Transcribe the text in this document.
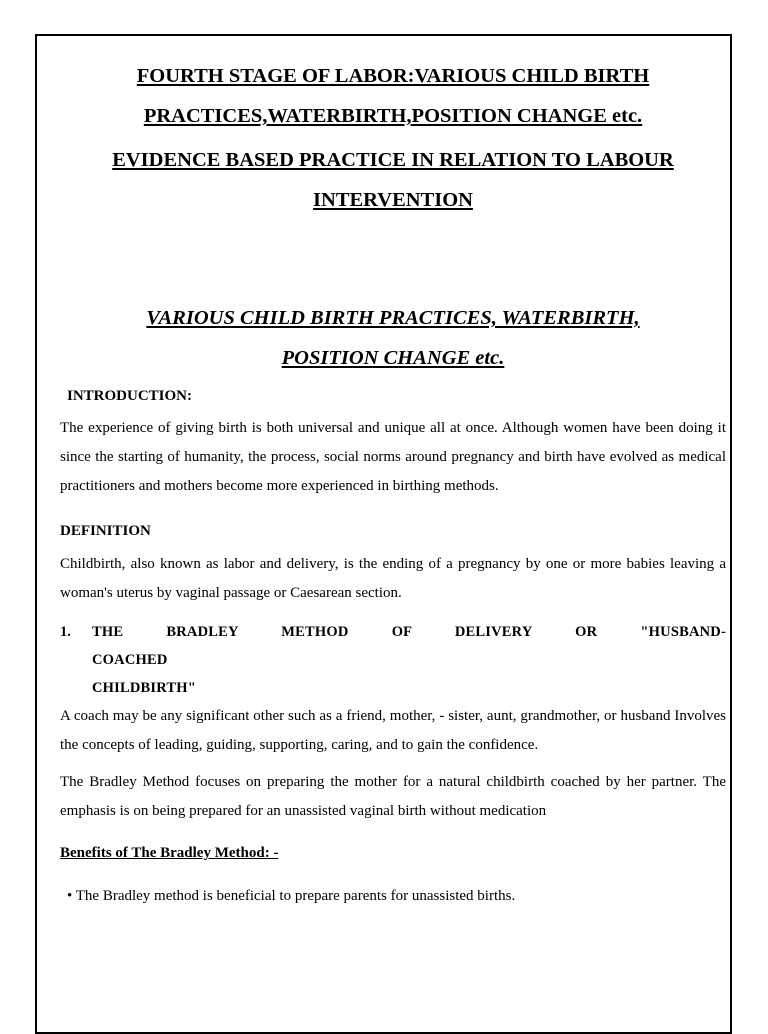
FOURTH STAGE OF LABOR:VARIOUS CHILD BIRTH
PRACTICES,WATERBIRTH,POSITION CHANGE etc.
EVIDENCE BASED PRACTICE IN RELATION TO LABOUR
INTERVENTION
VARIOUS CHILD BIRTH PRACTICES, WATERBIRTH,
POSITION CHANGE etc.

INTRODUCTION:

The experience of giving birth is both universal and unique all at once. Although women have been doing it since the starting of humanity, the process, social norms around pregnancy and birth have evolved as medical practitioners and mothers become more experienced in birthing methods.

DEFINITION

Childbirth, also known as labor and delivery, is the ending of a pregnancy by one or more babies leaving a woman's uterus by vaginal passage or Caesarean section.

1.	THE BRADLEY METHOD OF DELIVERY OR "HUSBAND-COACHED
CHILDBIRTH"

A coach may be any significant other such as a friend, mother, - sister, aunt, grandmother, or husband Involves the concepts of leading, guiding, supporting, caring, and to gain the confidence.

The Bradley Method focuses on preparing the mother for a natural childbirth coached by her partner. The emphasis is on being prepared for an unassisted vaginal birth without medication

Benefits of The Bradley Method: -

• The Bradley method is beneficial to prepare parents for unassisted births.
